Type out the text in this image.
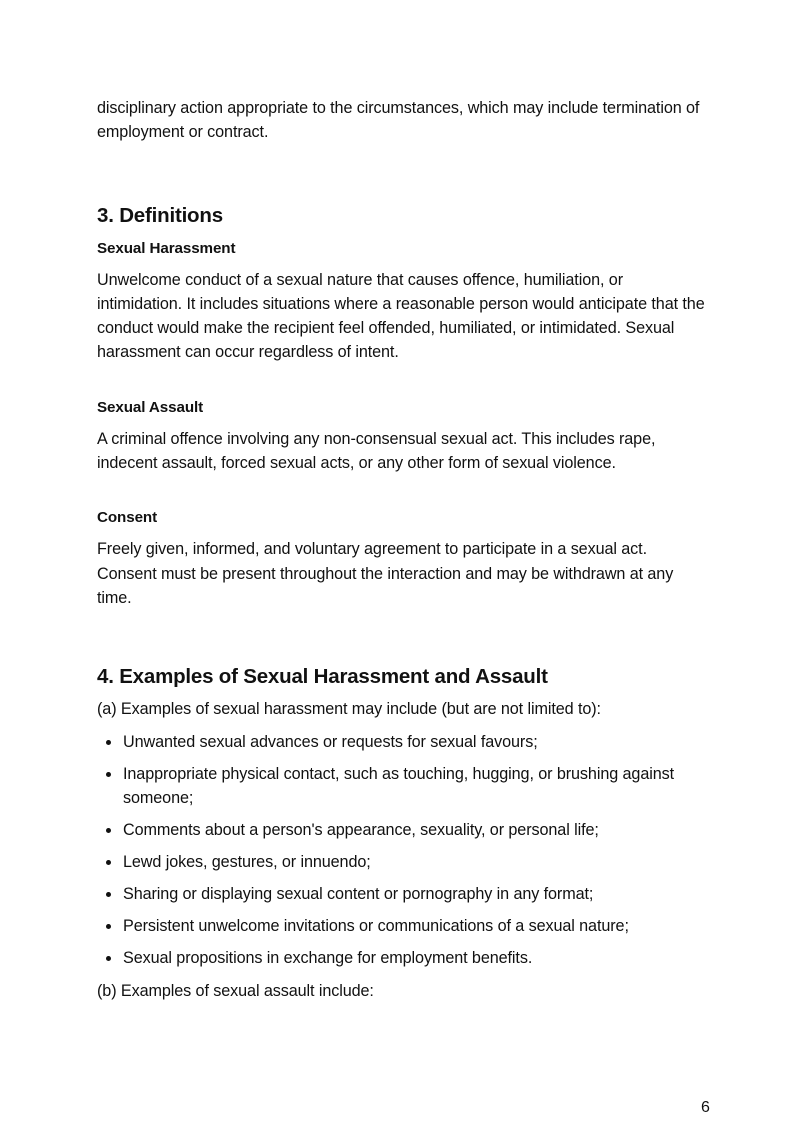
disciplinary action appropriate to the circumstances, which may include termination of employment or contract.

3. Definitions
Sexual Harassment

Unwelcome conduct of a sexual nature that causes offence, humiliation, or intimidation. It includes situations where a reasonable person would anticipate that the conduct would make the recipient feel offended, humiliated, or intimidated. Sexual harassment can occur regardless of intent.

Sexual Assault

A criminal offence involving any non-consensual sexual act. This includes rape, indecent assault, forced sexual acts, or any other form of sexual violence.

Consent

Freely given, informed, and voluntary agreement to participate in a sexual act. Consent must be present throughout the interaction and may be withdrawn at any time.

4. Examples of Sexual Harassment and Assault

(a) Examples of sexual harassment may include (but are not limited to):

Unwanted sexual advances or requests for sexual favours;
Inappropriate physical contact, such as touching, hugging, or brushing against someone;
Comments about a person's appearance, sexuality, or personal life;
Lewd jokes, gestures, or innuendo;
Sharing or displaying sexual content or pornography in any format;
Persistent unwelcome invitations or communications of a sexual nature;
Sexual propositions in exchange for employment benefits.

(b) Examples of sexual assault include:

6
